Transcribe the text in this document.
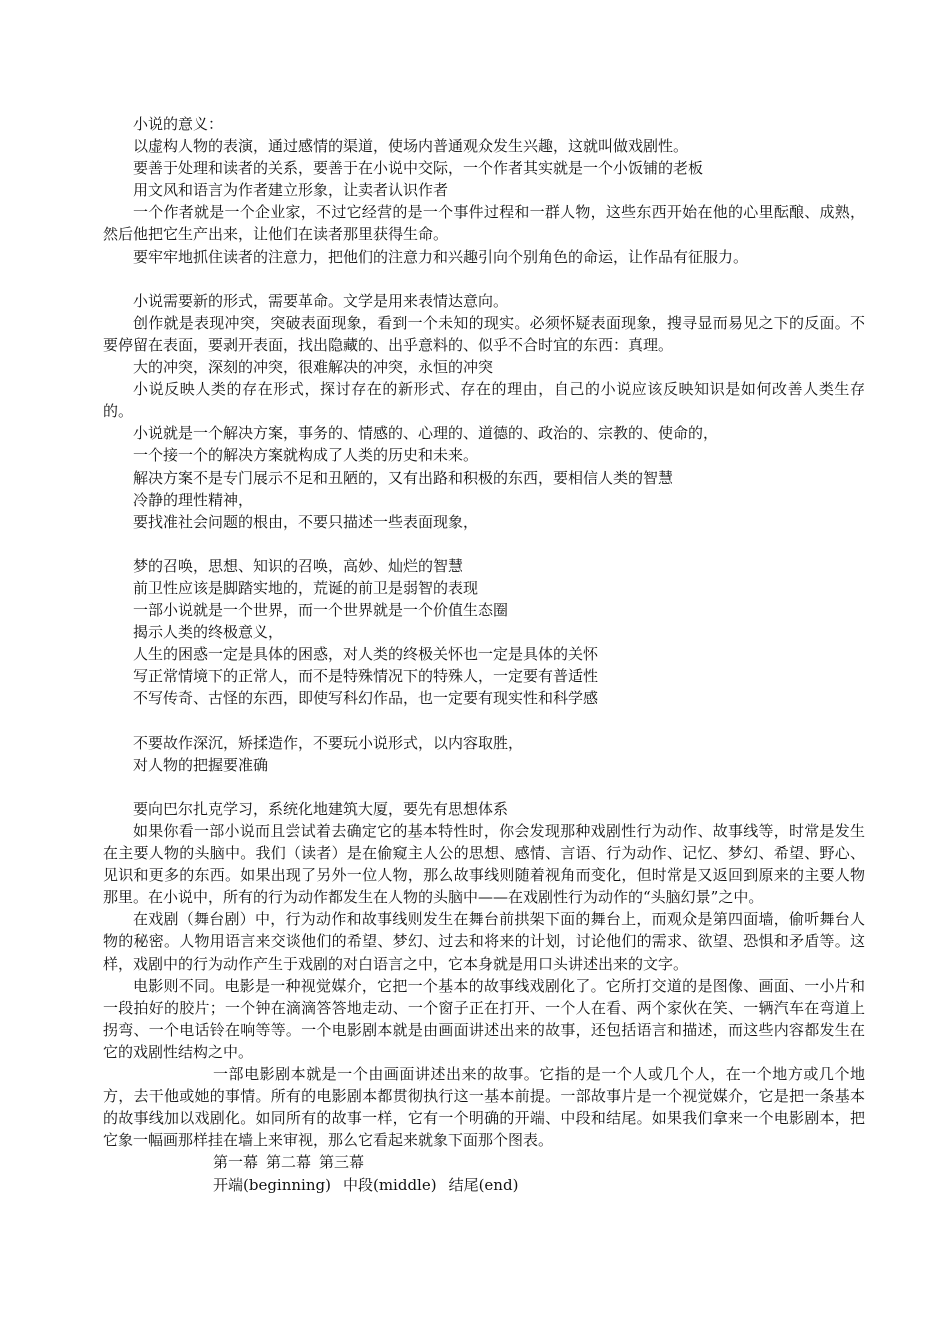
小说的意义：

以虚构人物的表演，通过感情的渠道，使场内普通观众发生兴趣，这就叫做戏剧性。

要善于处理和读者的关系，要善于在小说中交际，一个作者其实就是一个小饭铺的老板

用文风和语言为作者建立形象，让卖者认识作者

一个作者就是一个企业家，不过它经营的是一个事件过程和一群人物，这些东西开始在他的心里酝酿、成熟，然后他把它生产出来，让他们在读者那里获得生命。

要牢牢地抓住读者的注意力，把他们的注意力和兴趣引向个别角色的命运，让作品有征服力。

小说需要新的形式，需要革命。文学是用来表情达意向。

创作就是表现冲突，突破表面现象，看到一个未知的现实。必须怀疑表面现象，搜寻显而易见之下的反面。不要停留在表面，要剥开表面，找出隐藏的、出乎意料的、似乎不合时宜的东西：真理。

大的冲突，深刻的冲突，很难解决的冲突，永恒的冲突

小说反映人类的存在形式，探讨存在的新形式、存在的理由，自己的小说应该反映知识是如何改善人类生存的。

小说就是一个解决方案，事务的、情感的、心理的、道德的、政治的、宗教的、使命的，

一个接一个的解决方案就构成了人类的历史和未来。

解决方案不是专门展示不足和丑陋的，又有出路和积极的东西，要相信人类的智慧

冷静的理性精神，

要找准社会问题的根由，不要只描述一些表面现象，

梦的召唤，思想、知识的召唤，高妙、灿烂的智慧

前卫性应该是脚踏实地的，荒诞的前卫是弱智的表现

一部小说就是一个世界，而一个世界就是一个价值生态圈

揭示人类的终极意义，

人生的困惑一定是具体的困惑，对人类的终极关怀也一定是具体的关怀

写正常情境下的正常人，而不是特殊情况下的特殊人，一定要有普适性

不写传奇、古怪的东西，即使写科幻作品，也一定要有现实性和科学感

不要故作深沉，矫揉造作，不要玩小说形式，以内容取胜，

对人物的把握要准确

要向巴尔扎克学习，系统化地建筑大厦，要先有思想体系

如果你看一部小说而且尝试着去确定它的基本特性时，你会发现那种戏剧性行为动作、故事线等，时常是发生在主要人物的头脑中。我们（读者）是在偷窥主人公的思想、感情、言语、行为动作、记忆、梦幻、希望、野心、见识和更多的东西。如果出现了另外一位人物，那么故事线则随着视角而变化，但时常是又返回到原来的主要人物那里。在小说中，所有的行为动作都发生在人物的头脑中——在戏剧性行为动作的“头脑幻景”之中。

在戏剧（舞台剧）中，行为动作和故事线则发生在舞台前拱架下面的舞台上，而观众是第四面墙，偷听舞台人物的秘密。人物用语言来交谈他们的希望、梦幻、过去和将来的计划，讨论他们的需求、欲望、恐惧和矛盾等。这样，戏剧中的行为动作产生于戏剧的对白语言之中，它本身就是用口头讲述出来的文字。

电影则不同。电影是一种视觉媒介，它把一个基本的故事线戏剧化了。它所打交道的是图像、画面、一小片和一段拍好的胶片；一个钟在滴滴答答地走动、一个窗子正在打开、一个人在看、两个家伙在笑、一辆汽车在弯道上拐弯、一个电话铃在响等等。一个电影剧本就是由画面讲述出来的故事，还包括语言和描述，而这些内容都发生在它的戏剧性结构之中。

一部电影剧本就是一个由画面讲述出来的故事。它指的是一个人或几个人，在一个地方或几个地方，去干他或她的事情。所有的电影剧本都贯彻执行这一基本前提。一部故事片是一个视觉媒介，它是把一条基本的故事线加以戏剧化。如同所有的故事一样，它有一个明确的开端、中段和结尾。如果我们拿来一个电影剧本，把它象一幅画那样挂在墙上来审视，那么它看起来就象下面那个图表。

第一幕 第二幕 第三幕

开端(beginning) 中段(middle) 结尾(end)
